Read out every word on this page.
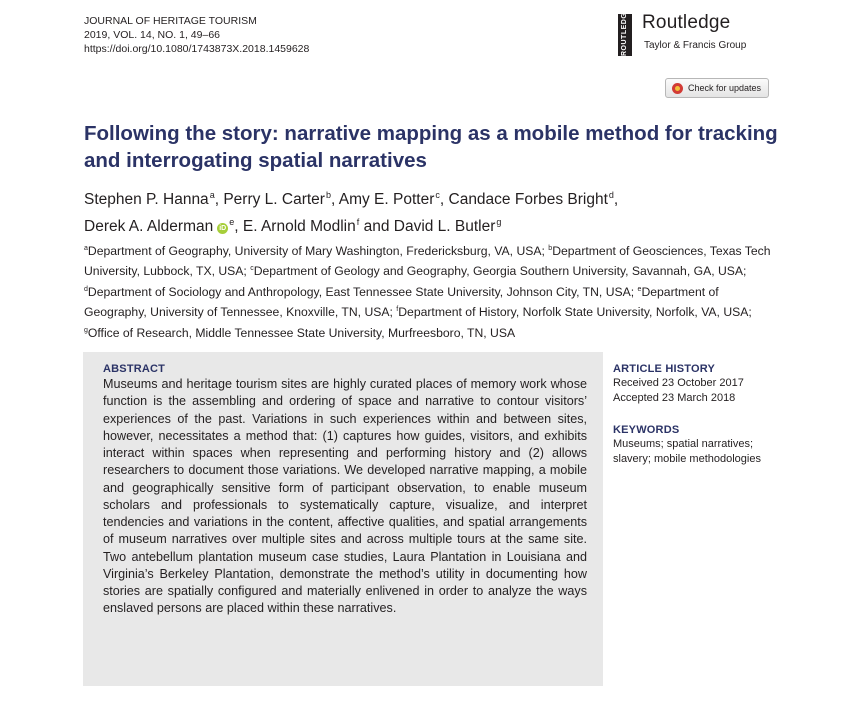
JOURNAL OF HERITAGE TOURISM
2019, VOL. 14, NO. 1, 49–66
https://doi.org/10.1080/1743873X.2018.1459628	ROUTLEDGE Routledge
Taylor & Francis Group
Check for updates
Following the story: narrative mapping as a mobile method for tracking and interrogating spatial narratives
Stephen P. Hanna$^a$, Perry L. Carter$^b$, Amy E. Potter$^c$, Candace Forbes Bright$^d$,
Derek A. Alderman $iD^e$, E. Arnold Modlin$^f$ and David L. Butler$^g$
$^a$Department of Geography, University of Mary Washington, Fredericksburg, VA, USA; $^b$Department of Geosciences, Texas Tech University, Lubbock, TX, USA; $^c$Department of Geology and Geography, Georgia Southern University, Savannah, GA, USA; $^d$Department of Sociology and Anthropology, East Tennessee State University, Johnson City, TN, USA; $^e$Department of Geography, University of Tennessee, Knoxville, TN, USA; $^f$Department of History, Norfolk State University, Norfolk, VA, USA; $^g$Office of Research, Middle Tennessee State University, Murfreesboro, TN, USA
ABSTRACT
Museums and heritage tourism sites are highly curated places of memory work whose function is the assembling and ordering of space and narrative to contour visitors’ experiences of the past. Variations in such experiences within and between sites, however, necessitates a method that: (1) captures how guides, visitors, and exhibits interact within spaces when representing and performing history and (2) allows researchers to document those variations. We developed narrative mapping, a mobile and geographically sensitive form of participant observation, to enable museum scholars and professionals to systematically capture, visualize, and interpret tendencies and variations in the content, affective qualities, and spatial arrangements of museum narratives over multiple sites and across multiple tours at the same site. Two antebellum plantation museum case studies, Laura Plantation in Louisiana and Virginia’s Berkeley Plantation, demonstrate the method’s utility in documenting how stories are spatially configured and materially enlivened in order to analyze the ways enslaved persons are placed within these narratives.
ARTICLE HISTORY
Received 23 October 2017
Accepted 23 March 2018
KEYWORDS
Museums; spatial narratives; slavery; mobile methodologies
